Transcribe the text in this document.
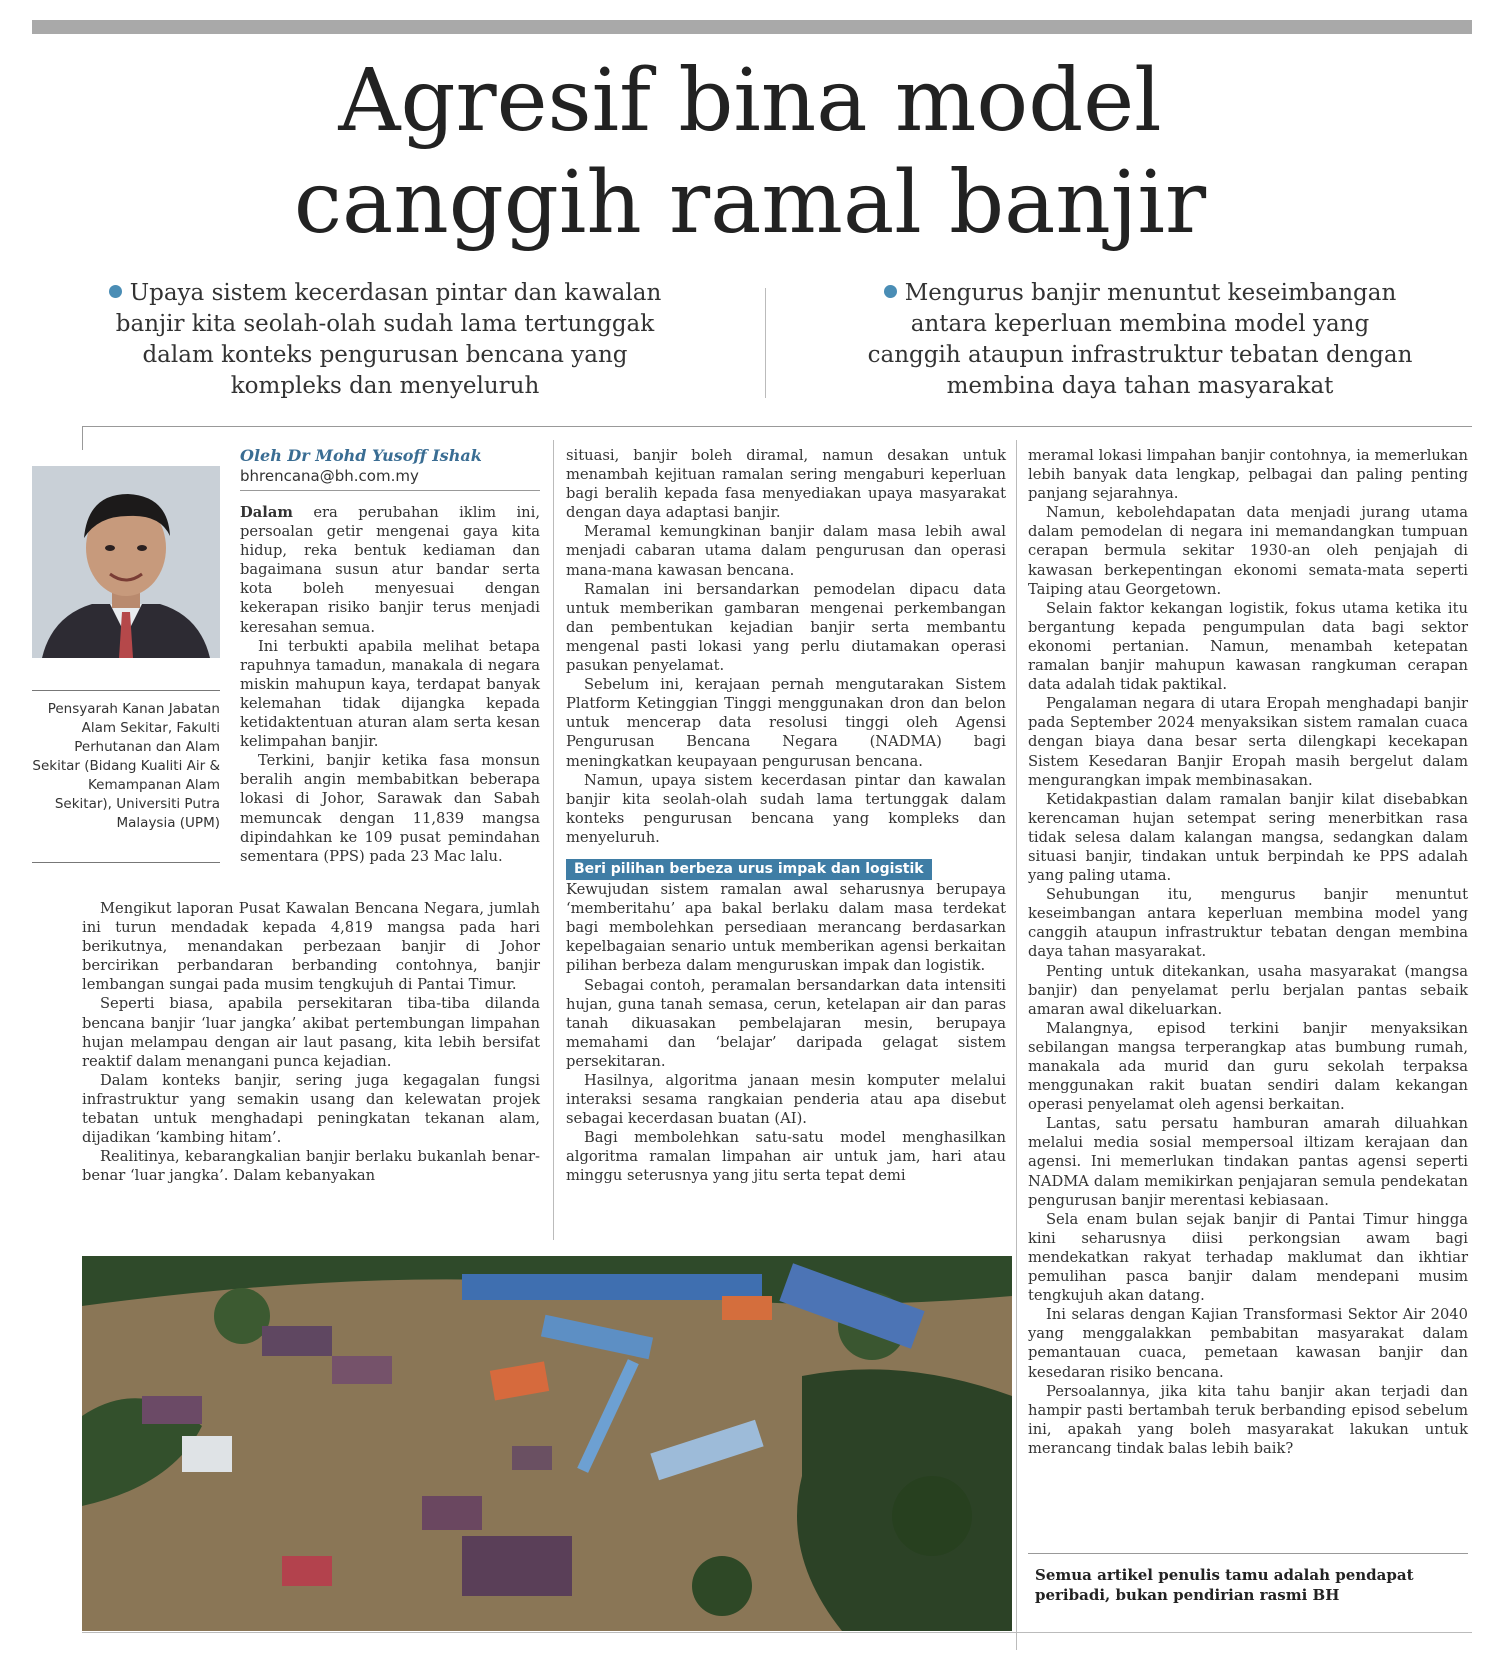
Agresif bina model
canggih ramal banjir
Upaya sistem kecerdasan pintar dan kawalan banjir kita seolah-olah sudah lama tertunggak dalam konteks pengurusan bencana yang kompleks dan menyeluruh
Mengurus banjir menuntut keseimbangan antara keperluan membina model yang canggih ataupun infrastruktur tebatan dengan membina daya tahan masyarakat
Pensyarah Kanan Jabatan Alam Sekitar, Fakulti Perhutanan dan Alam Sekitar (Bidang Kualiti Air & Kemampanan Alam Sekitar), Universiti Putra Malaysia (UPM)
Oleh Dr Mohd Yusoff Ishak
bhrencana@bh.com.my

Dalam era perubahan iklim ini, persoalan getir mengenai gaya kita hidup, reka bentuk kediaman dan bagaimana susun atur bandar serta kota boleh menyesuai dengan kekerapan risiko banjir terus menjadi keresahan semua.

Ini terbukti apabila melihat betapa rapuhnya tamadun, manakala di negara miskin mahupun kaya, terdapat banyak kelemahan tidak dijangka kepada ketidaktentuan aturan alam serta kesan kelimpahan banjir.

Terkini, banjir ketika fasa monsun beralih angin membabitkan beberapa lokasi di Johor, Sarawak dan Sabah memuncak dengan 11,839 mangsa dipindahkan ke 109 pusat pemindahan sementara (PPS) pada 23 Mac lalu.

Mengikut laporan Pusat Kawalan Bencana Negara, jumlah ini turun mendadak kepada 4,819 mangsa pada hari berikutnya, menandakan perbezaan banjir di Johor bercirikan perbandaran berbanding contohnya, banjir lembangan sungai pada musim tengkujuh di Pantai Timur.

Seperti biasa, apabila persekitaran tiba-tiba dilanda bencana banjir ‘luar jangka’ akibat pertembungan limpahan hujan melampau dengan air laut pasang, kita lebih bersifat reaktif dalam menangani punca kejadian.

Dalam konteks banjir, sering juga kegagalan fungsi infrastruktur yang semakin usang dan kelewatan projek tebatan untuk menghadapi peningkatan tekanan alam, dijadikan ‘kambing hitam’.

Realitinya, kebarangkalian banjir berlaku bukanlah benar-benar ‘luar jangka’. Dalam kebanyakan

situasi, banjir boleh diramal, namun desakan untuk menambah kejituan ramalan sering mengaburi keperluan bagi beralih kepada fasa menyediakan upaya masyarakat dengan daya adaptasi banjir.

Meramal kemungkinan banjir dalam masa lebih awal menjadi cabaran utama dalam pengurusan dan operasi mana-mana kawasan bencana.

Ramalan ini bersandarkan pemodelan dipacu data untuk memberikan gambaran mengenai perkembangan dan pembentukan kejadian banjir serta membantu mengenal pasti lokasi yang perlu diutamakan operasi pasukan penyelamat.

Sebelum ini, kerajaan pernah mengutarakan Sistem Platform Ketinggian Tinggi menggunakan dron dan belon untuk mencerap data resolusi tinggi oleh Agensi Pengurusan Bencana Negara (NADMA) bagi meningkatkan keupayaan pengurusan bencana.

Namun, upaya sistem kecerdasan pintar dan kawalan banjir kita seolah-olah sudah lama tertunggak dalam konteks pengurusan bencana yang kompleks dan menyeluruh.

Beri pilihan berbeza urus impak dan logistik

Kewujudan sistem ramalan awal seharusnya berupaya ‘memberitahu’ apa bakal berlaku dalam masa terdekat bagi membolehkan persediaan merancang berdasarkan kepelbagaian senario untuk memberikan agensi berkaitan pilihan berbeza dalam menguruskan impak dan logistik.

Sebagai contoh, peramalan bersandarkan data intensiti hujan, guna tanah semasa, cerun, ketelapan air dan paras tanah dikuasakan pembelajaran mesin, berupaya memahami dan ‘belajar’ daripada gelagat sistem persekitaran.

Hasilnya, algoritma janaan mesin komputer melalui interaksi sesama rangkaian penderia atau apa disebut sebagai kecerdasan buatan (AI).

Bagi membolehkan satu-satu model menghasilkan algoritma ramalan limpahan air untuk jam, hari atau minggu seterusnya yang jitu serta tepat demi

meramal lokasi limpahan banjir contohnya, ia memerlukan lebih banyak data lengkap, pelbagai dan paling penting panjang sejarahnya.

Namun, kebolehdapatan data menjadi jurang utama dalam pemodelan di negara ini memandangkan tumpuan cerapan bermula sekitar 1930-an oleh penjajah di kawasan berkepentingan ekonomi semata-mata seperti Taiping atau Georgetown.

Selain faktor kekangan logistik, fokus utama ketika itu bergantung kepada pengumpulan data bagi sektor ekonomi pertanian. Namun, menambah ketepatan ramalan banjir mahupun kawasan rangkuman cerapan data adalah tidak paktikal.

Pengalaman negara di utara Eropah menghadapi banjir pada September 2024 menyaksikan sistem ramalan cuaca dengan biaya dana besar serta dilengkapi kecekapan Sistem Kesedaran Banjir Eropah masih bergelut dalam mengurangkan impak membinasakan.

Ketidakpastian dalam ramalan banjir kilat disebabkan kerencaman hujan setempat sering menerbitkan rasa tidak selesa dalam kalangan mangsa, sedangkan dalam situasi banjir, tindakan untuk berpindah ke PPS adalah yang paling utama.

Sehubungan itu, mengurus banjir menuntut keseimbangan antara keperluan membina model yang canggih ataupun infrastruktur tebatan dengan membina daya tahan masyarakat.

Penting untuk ditekankan, usaha masyarakat (mangsa banjir) dan penyelamat perlu berjalan pantas sebaik amaran awal dikeluarkan.

Malangnya, episod terkini banjir menyaksikan sebilangan mangsa terperangkap atas bumbung rumah, manakala ada murid dan guru sekolah terpaksa menggunakan rakit buatan sendiri dalam kekangan operasi penyelamat oleh agensi berkaitan.

Lantas, satu persatu hamburan amarah diluahkan melalui media sosial mempersoal iltizam kerajaan dan agensi. Ini memerlukan tindakan pantas agensi seperti NADMA dalam memikirkan penjajaran semula pendekatan pengurusan banjir merentasi kebiasaan.

Sela enam bulan sejak banjir di Pantai Timur hingga kini seharusnya diisi perkongsian awam bagi mendekatkan rakyat terhadap maklumat dan ikhtiar pemulihan pasca banjir dalam mendepani musim tengkujuh akan datang.

Ini selaras dengan Kajian Transformasi Sektor Air 2040 yang menggalakkan pembabitan masyarakat dalam pemantauan cuaca, pemetaan kawasan banjir dan kesedaran risiko bencana.

Persoalannya, jika kita tahu banjir akan terjadi dan hampir pasti bertambah teruk berbanding episod sebelum ini, apakah yang boleh masyarakat lakukan untuk merancang tindak balas lebih baik?

Semua artikel penulis tamu adalah pendapat peribadi, bukan pendirian rasmi BH
